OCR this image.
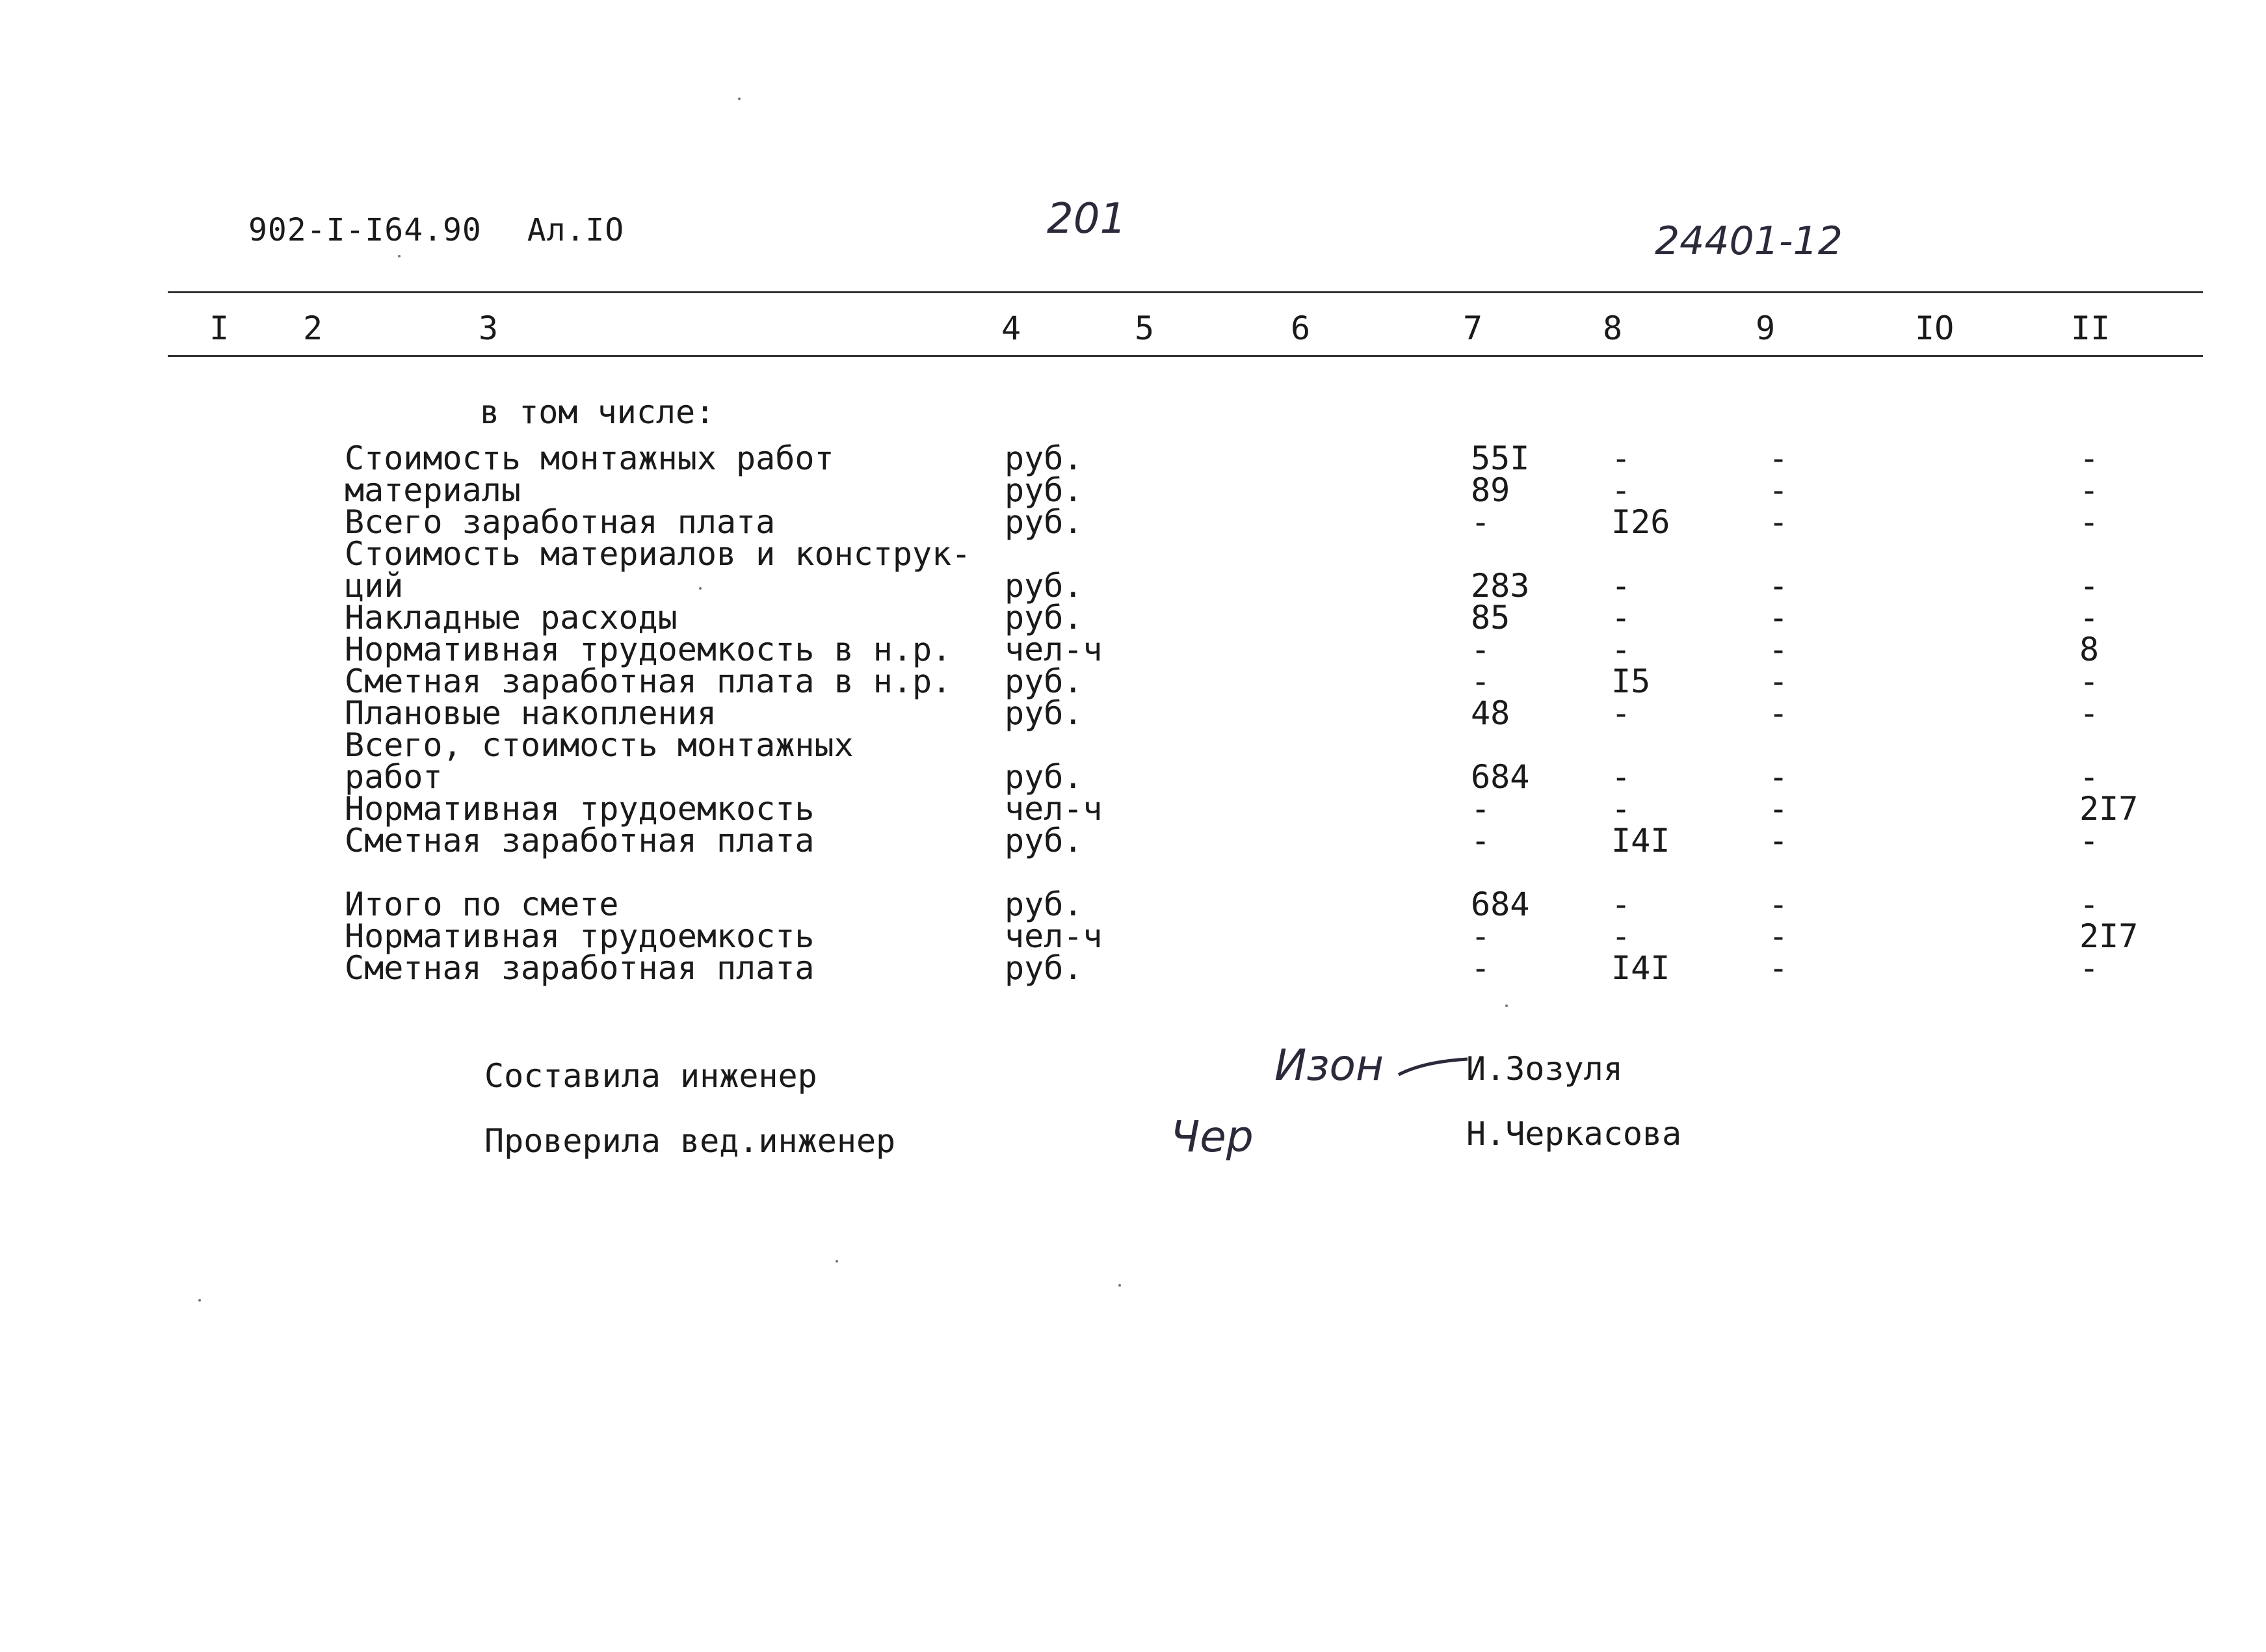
902-I-I64.90 Ал.IO	201	24401-12
I 2	3	4	5	6	7	8	9	IO	II
в том числе:
Стоимость монтажных работ	руб.	55I	-	-	-
материалы	руб.	89	-	-	-
Всего заработная плата	руб.	-	I26	-	-
Стоимость материалов и конструк-
ций	руб.	283	-	-	-
Накладные расходы	руб.	85	-	-	-
Нормативная трудоемкость в н.р. чел-ч	-	-	-	8
Сметная заработная плата в н.р. руб.	-	I5	-	-
Плановые накопления	руб.	48	-	-	-
Всего, стоимость монтажных
работ	руб.	684	-	-	-
Нормативная трудоемкость	чел-ч	-	-	-	2I7
Сметная заработная плата	руб.	-	I4I	-	-
Итого по смете	руб.	684	-	-	-
Нормативная трудоемкость	чел-ч	-	-	-	2I7
Сметная заработная плата	руб.	-	I4I	-	-
Составила инженер	Изон	И.Зозуля
Проверила вед.инженер	Чер	Н.Черкасова
